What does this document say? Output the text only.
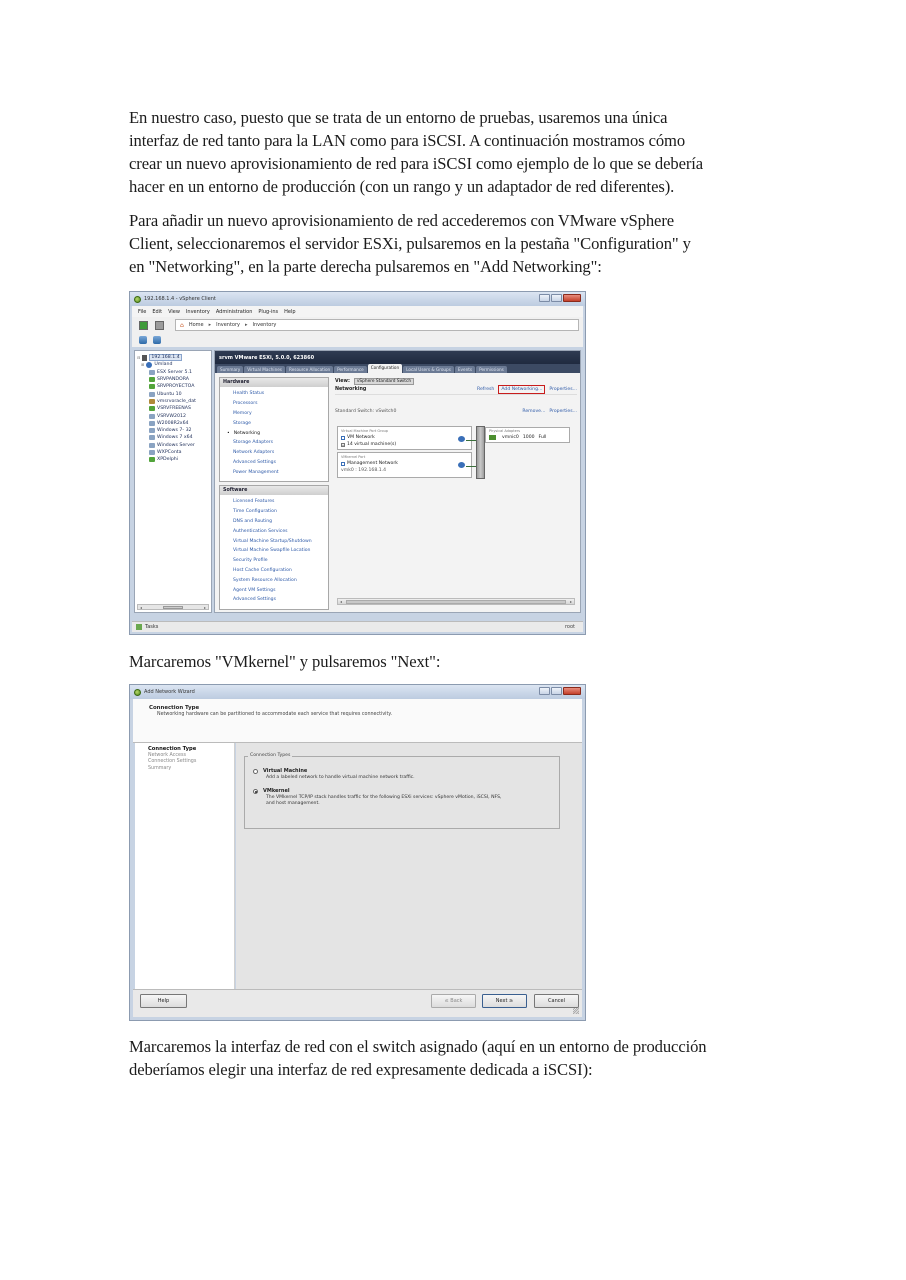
En nuestro caso, puesto que se trata de un entorno de pruebas, usaremos una única
interfaz de red tanto para la LAN como para iSCSI. A continuación mostramos cómo
crear un nuevo aprovisionamiento de red para iSCSI como ejemplo de lo que se debería
hacer en un entorno de producción (con un rango y un adaptador de red diferentes).
Para añadir un nuevo aprovisionamiento de red accederemos con VMware vSphere
Client, seleccionaremos el servidor ESXi, pulsaremos en la pestaña "Configuration" y
en "Networking", en la parte derecha pulsaremos en "Add Networking":
192.168.1.4 - vSphere Client
File Edit View Inventory Administration Plug-ins Help
⌂ Home ▸ Inventory ▸ Inventory
⊟	192.168.1.4
⊞ Umland
ESX Server 5.1
SRVPANDORA
SRVPROYECTOA
Ubuntu 10
vmsrvoracle_dat
VSRVFREENAS
VSRVW2012
W2008R2x64
Windows 7- 32
Windows 7 x64
Windows Server
WXPConta
XPDelphi
◂	▸
srvm VMware ESXi, 5.0.0, 623860
Summary	Virtual Machines	Resource Allocation	Performance	Configuration	Local Users & Groups	Events	Permissions
Hardware
Health Status
Processors
Memory
Storage
• Networking
Storage Adapters
Network Adapters
Advanced Settings
Power Management
Software
Licensed Features
Time Configuration
DNS and Routing
Authentication Services
Virtual Machine Startup/Shutdown
Virtual Machine Swapfile Location
Security Profile
Host Cache Configuration
System Resource Allocation
Agent VM Settings
Advanced Settings
View:	vSphere Standard Switch
Networking	Refresh	Add Networking...	Properties...
Standard Switch: vSwitch0	Remove... Properties...
Virtual Machine Port Group
VM Network
+ 14 virtual machine(s)
VMkernel Port
Management Network
vmk0 : 192.168.1.4
Physical Adapters
vmnic0 1000 Full
◂	▸
Tasks	root
Marcaremos "VMkernel" y pulsaremos "Next":
Add Network Wizard
Connection Type
Networking hardware can be partitioned to accommodate each service that requires connectivity.
Connection Type
Network Access
Connection Settings
Summary
Connection Types
Virtual Machine
Add a labeled network to handle virtual machine network traffic.
VMkernel
The VMkernel TCP/IP stack handles traffic for the following ESXi services: vSphere vMotion, iSCSI, NFS,
and host management.
Help	≤ Back	Next ≥	Cancel
Marcaremos la interfaz de red con el switch asignado (aquí en un entorno de producción
deberíamos elegir una interfaz de red expresamente dedicada a iSCSI):
